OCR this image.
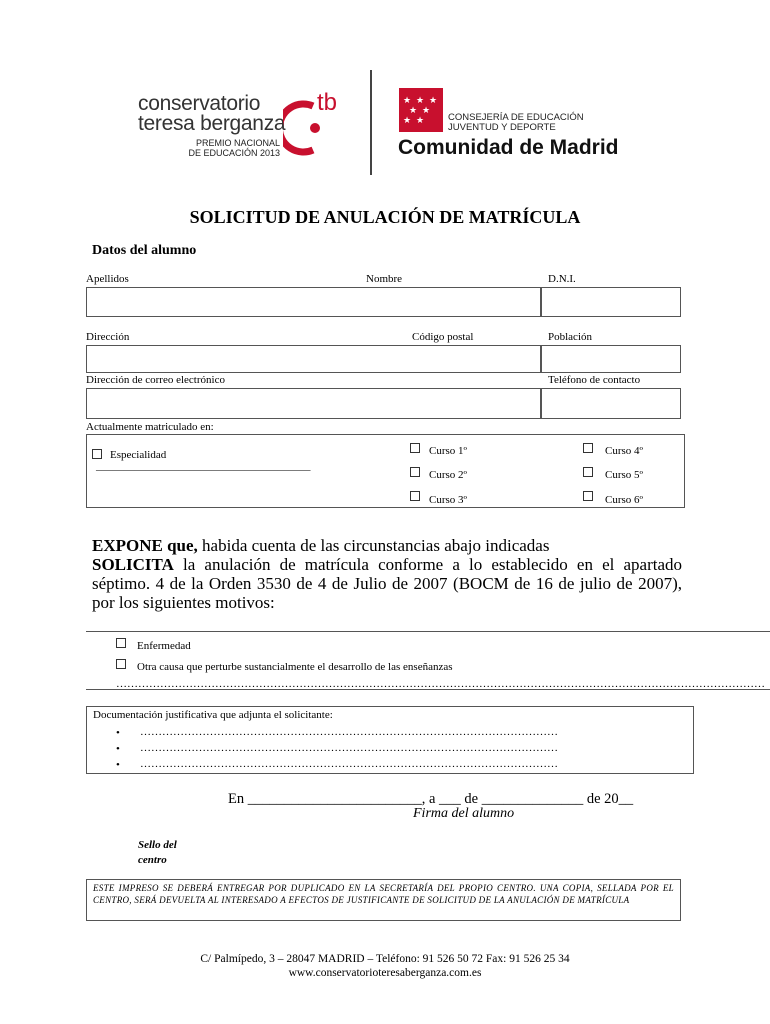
conservatorio
teresa berganza
PREMIO NACIONAL
DE EDUCACIÓN 2013
tb	★ ★ ★
★ ★
★ ★	CONSEJERÍA DE EDUCACIÓN
JUVENTUD Y DEPORTE
Comunidad de Madrid
SOLICITUD DE ANULACIÓN DE MATRÍCULA
Datos del alumno
Apellidos	Nombre	D.N.I.
Dirección	Código postal	Población
Dirección de correo electrónico	Teléfono de contacto
Actualmente matriculado en:
Especialidad
_______________________________________
Curso 1º
Curso 2º
Curso 3º
Curso 4º
Curso 5º
Curso 6º
EXPONE que, habida cuenta de las circunstancias abajo indicadas
SOLICITA la anulación de matrícula conforme a lo establecido en el apartado séptimo. 4 de la Orden 3530 de 4 de Julio de 2007 (BOCM de 16 de julio de 2007), por los siguientes motivos:
Enfermedad
Otra causa que perturbe sustancialmente el desarrollo de las enseñanzas
……………………………………………………………………………………………………………………………………………………………
Documentación justificativa que adjunta el solicitante:
• ……………………………………………………………………………………………………
• ……………………………………………………………………………………………………
• ……………………………………………………………………………………………………
En ________________________, a ___ de ______________ de 20__
Firma del alumno
Sello del
centro
ESTE IMPRESO SE DEBERÁ ENTREGAR POR DUPLICADO EN LA SECRETARÍA DEL PROPIO CENTRO. UNA COPIA, SELLADA POR EL CENTRO, SERÁ DEVUELTA AL INTERESADO A EFECTOS DE JUSTIFICANTE DE SOLICITUD DE LA ANULACIÓN DE MATRÍCULA
C/ Palmípedo, 3 – 28047 MADRID – Teléfono: 91 526 50 72 Fax: 91 526 25 34
www.conservatorioteresaberganza.com.es
